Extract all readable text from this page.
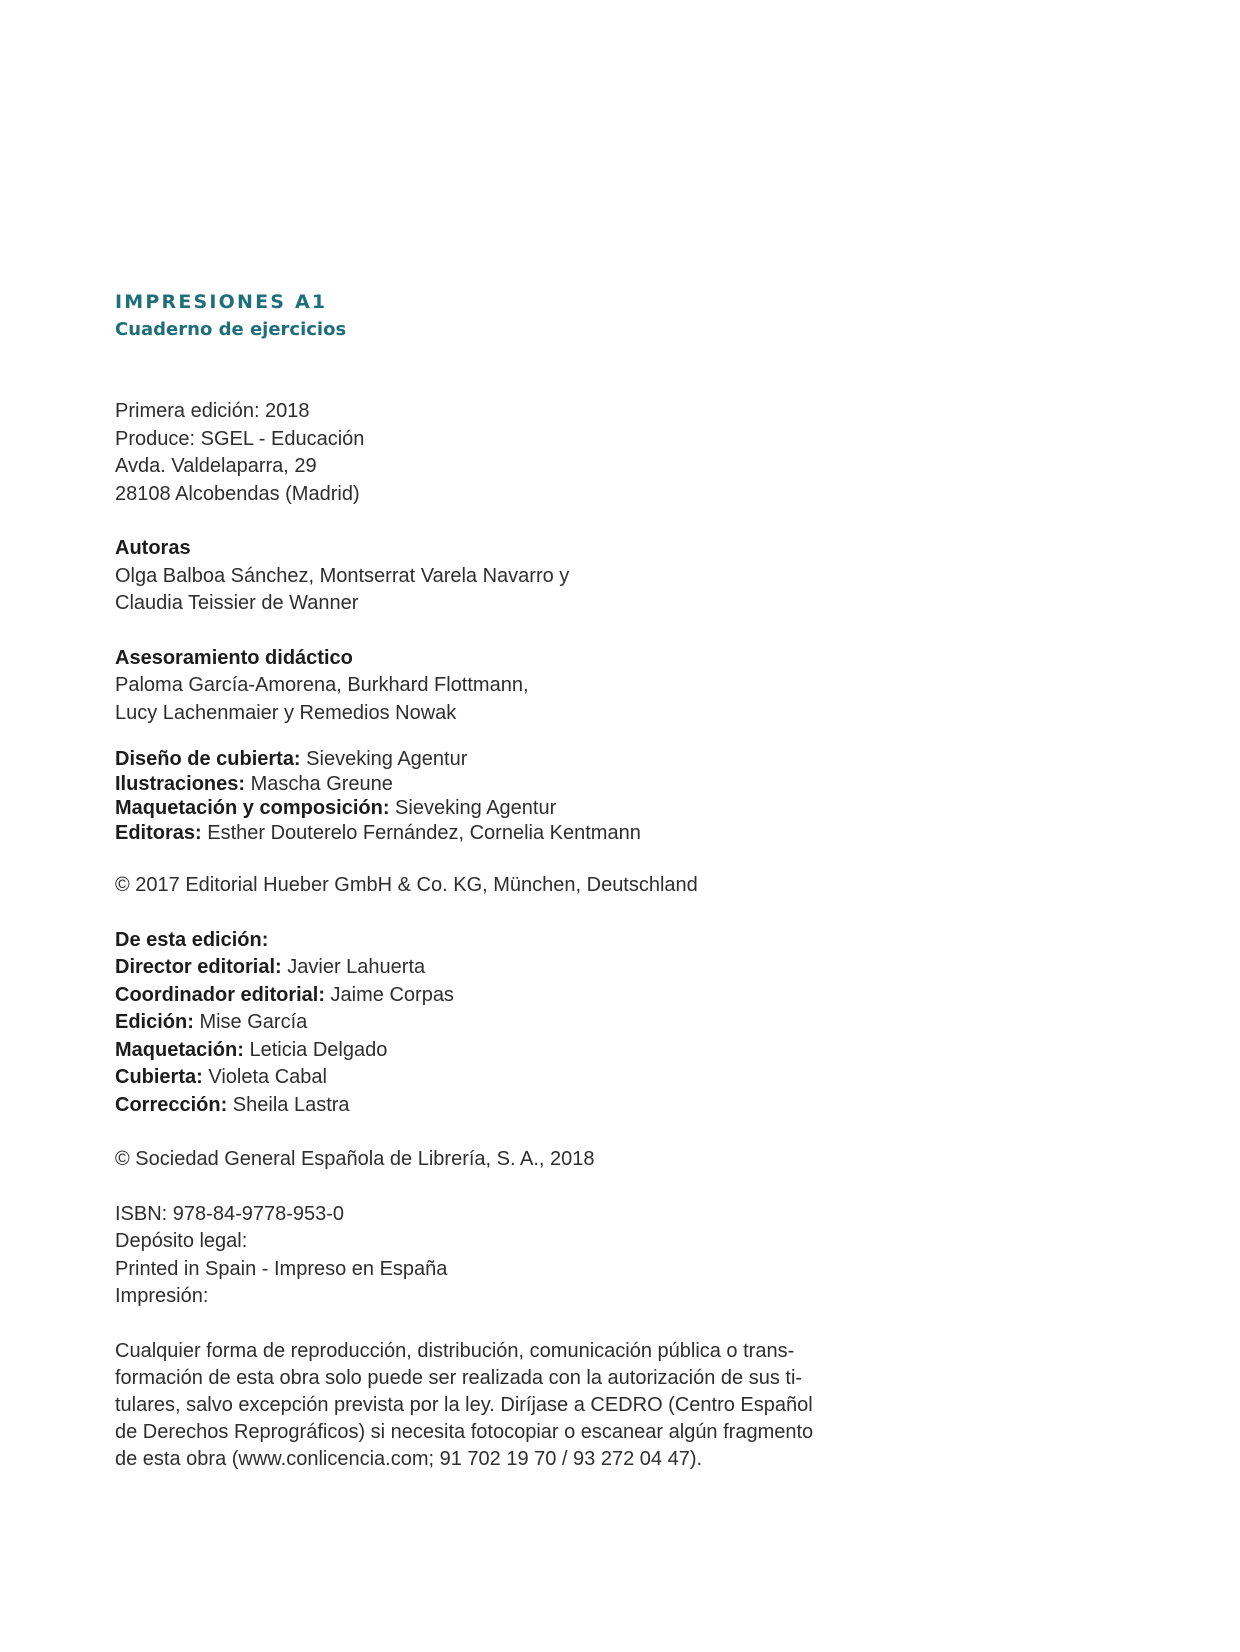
IMPRESIONES A1
Cuaderno de ejercicios
Primera edición: 2018
Produce: SGEL - Educación
Avda. Valdelaparra, 29
28108 Alcobendas (Madrid)
Autoras
Olga Balboa Sánchez, Montserrat Varela Navarro y
Claudia Teissier de Wanner
Asesoramiento didáctico
Paloma García-Amorena, Burkhard Flottmann,
Lucy Lachenmaier y Remedios Nowak
Diseño de cubierta: Sieveking Agentur
Ilustraciones: Mascha Greune
Maquetación y composición: Sieveking Agentur
Editoras: Esther Douterelo Fernández, Cornelia Kentmann
© 2017 Editorial Hueber GmbH & Co. KG, München, Deutschland
De esta edición:
Director editorial: Javier Lahuerta
Coordinador editorial: Jaime Corpas
Edición: Mise García
Maquetación: Leticia Delgado
Cubierta: Violeta Cabal
Corrección: Sheila Lastra
© Sociedad General Española de Librería, S. A., 2018
ISBN: 978-84-9778-953-0
Depósito legal:
Printed in Spain - Impreso en España
Impresión:
Cualquier forma de reproducción, distribución, comunicación pública o trans-
formación de esta obra solo puede ser realizada con la autorización de sus ti-
tulares, salvo excepción prevista por la ley. Diríjase a CEDRO (Centro Español
de Derechos Reprográficos) si necesita fotocopiar o escanear algún fragmento
de esta obra (www.conlicencia.com; 91 702 19 70 / 93 272 04 47).
